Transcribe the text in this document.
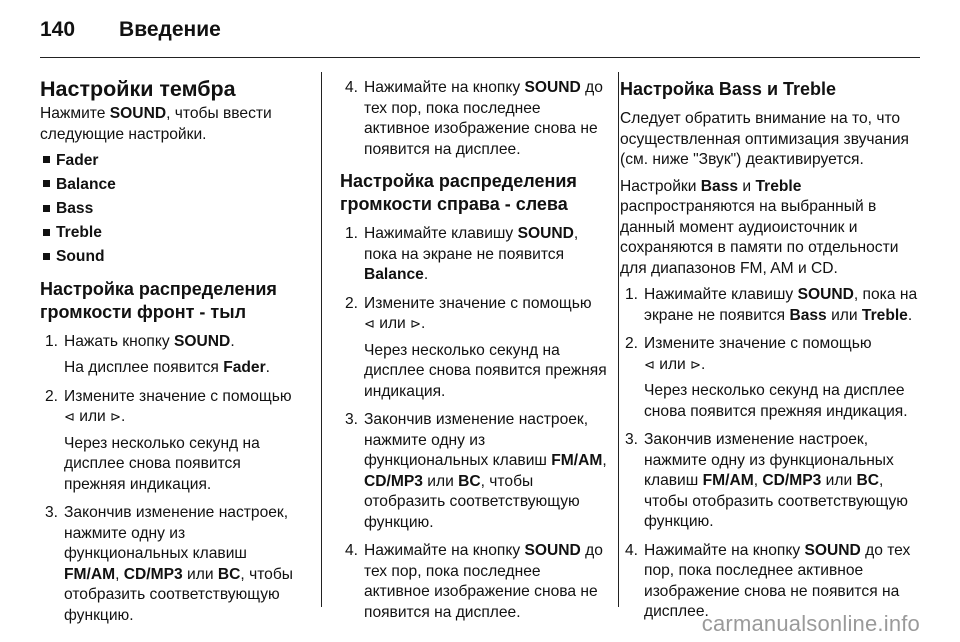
140 Введение
Настройки тембра

Нажмите SOUND, чтобы ввести следующие настройки.

Fader
Balance
Bass
Treble
Sound
Настройка распределения громкости фронт - тыл
1. Нажать кнопку SOUND.
На дисплее появится Fader.
2. Измените значение с помощью
⊲ или ⊳.
Через несколько секунд на дисплее снова появится прежняя индикация.
3. Закончив изменение настроек, нажмите одну из функциональных клавиш FM/AM, CD/MP3 или BC, чтобы отобразить соответствующую функцию.
4. Нажимайте на кнопку SOUND до тех пор, пока последнее активное изображение снова не появится на дисплее.
Настройка распределения громкости справа - слева
1. Нажимайте клавишу SOUND, пока на экране не появится Balance.
2. Измените значение с помощью
⊲ или ⊳.
Через несколько секунд на дисплее снова появится прежняя индикация.
3. Закончив изменение настроек, нажмите одну из функциональных клавиш FM/AM, CD/MP3 или BC, чтобы отобразить соответствующую функцию.
4. Нажимайте на кнопку SOUND до тех пор, пока последнее активное изображение снова не появится на дисплее.
Настройка Bass и Treble

Следует обратить внимание на то, что осуществленная оптимизация звучания (см. ниже "Звук") деактивируется.

Настройки Bass и Treble распространяются на выбранный в данный момент аудиоисточник и сохраняются в памяти по отдельности для диапазонов FM, AM и CD.

1. Нажимайте клавишу SOUND, пока на экране не появится Bass или Treble.
2. Измените значение с помощью
⊲ или ⊳.
Через несколько секунд на дисплее снова появится прежняя индикация.
3. Закончив изменение настроек, нажмите одну из функциональных клавиш FM/AM, CD/MP3 или BC, чтобы отобразить соответствующую функцию.
4. Нажимайте на кнопку SOUND до тех пор, пока последнее активное изображение снова не появится на дисплее.
carmanualsonline.info
